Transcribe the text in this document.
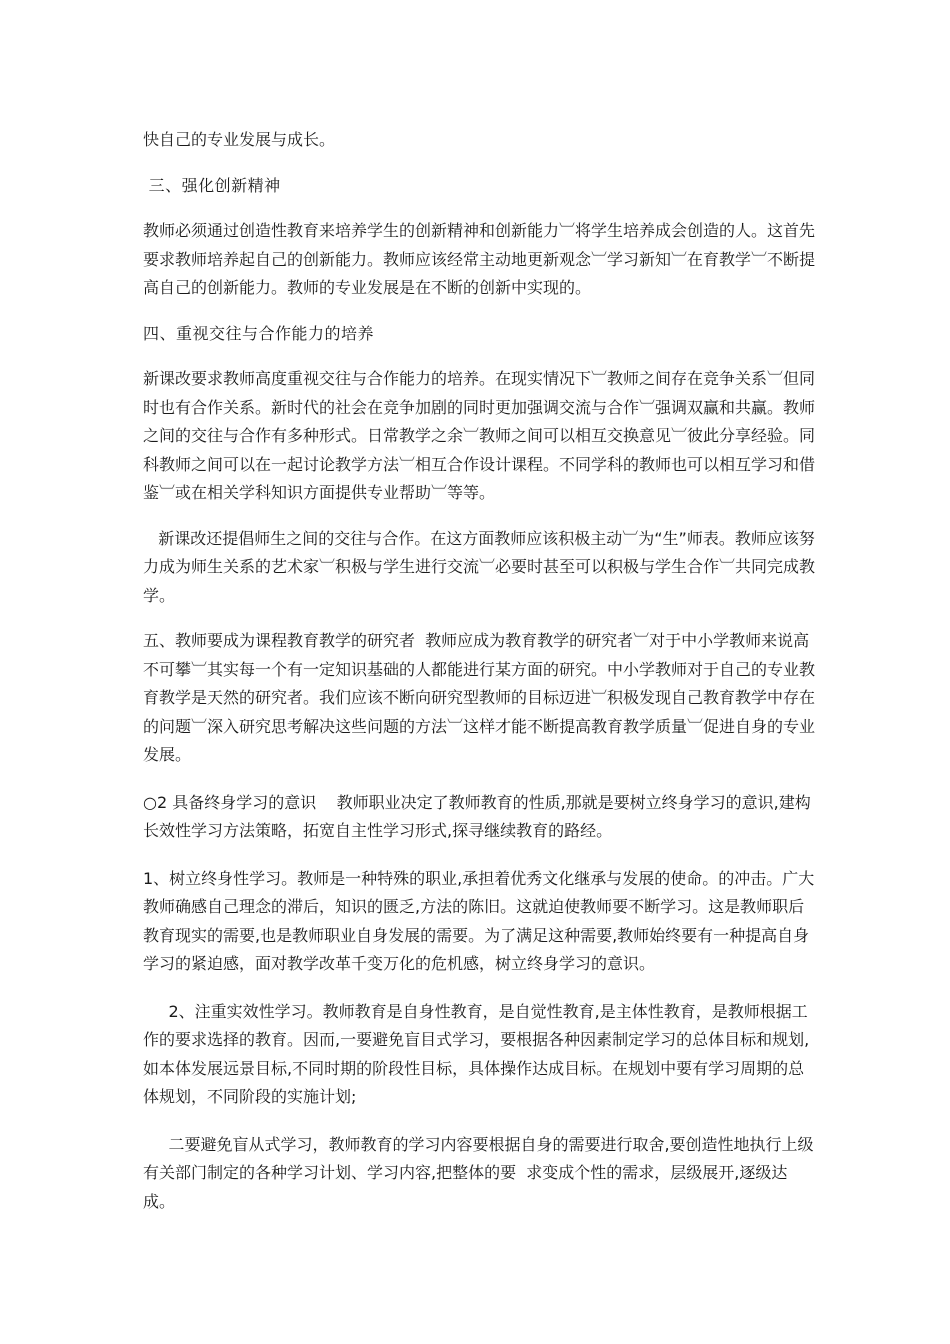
快自己的专业发展与成长。

三、强化创新精神

教师必须通过创造性教育来培养学生的创新精神和创新能力︺将学生培养成会创造的人。这首先要求教师培养起自己的创新能力。教师应该经常主动地更新观念︺学习新知︺在育教学︺不断提高自己的创新能力。教师的专业发展是在不断的创新中实现的。

四、重视交往与合作能力的培养

新课改要求教师高度重视交往与合作能力的培养。在现实情况下︺教师之间存在竞争关系︺但同时也有合作关系。新时代的社会在竞争加剧的同时更加强调交流与合作︺强调双赢和共赢。教师之间的交往与合作有多种形式。日常教学之余︺教师之间可以相互交换意见︺彼此分享经验。同科教师之间可以在一起讨论教学方法︺相互合作设计课程。不同学科的教师也可以相互学习和借鉴︺或在相关学科知识方面提供专业帮助︺等等。

新课改还提倡师生之间的交往与合作。在这方面教师应该积极主动︺为“生”师表。教师应该努力成为师生关系的艺术家︺积极与学生进行交流︺必要时甚至可以积极与学生合作︺共同完成教学。

五、教师要成为课程教育教学的研究者  教师应成为教育教学的研究者︺对于中小学教师来说高不可攀︺其实每一个有一定知识基础的人都能进行某方面的研究。中小学教师对于自己的专业教育教学是天然的研究者。我们应该不断向研究型教师的目标迈进︺积极发现自己教育教学中存在的问题︺深入研究思考解决这些问题的方法︺这样才能不断提高教育教学质量︺促进自身的专业发展。

○2 具备终身学习的意识    教师职业决定了教师教育的性质,那就是要树立终身学习的意识,建构长效性学习方法策略，拓宽自主性学习形式,探寻继续教育的路经。

1、树立终身性学习。教师是一种特殊的职业,承担着优秀文化继承与发展的使命。的冲击。广大教师确感自己理念的滞后，知识的匮乏,方法的陈旧。这就迫使教师要不断学习。这是教师职后教育现实的需要,也是教师职业自身发展的需要。为了满足这种需要,教师始终要有一种提高自身学习的紧迫感，面对教学改革千变万化的危机感，树立终身学习的意识。

2、注重实效性学习。教师教育是自身性教育，是自觉性教育,是主体性教育，是教师根据工作的要求选择的教育。因而,一要避免盲目式学习，要根据各种因素制定学习的总体目标和规划,如本体发展远景目标,不同时期的阶段性目标，具体操作达成目标。在规划中要有学习周期的总体规划，不同阶段的实施计划;

二要避免盲从式学习，教师教育的学习内容要根据自身的需要进行取舍,要创造性地执行上级有关部门制定的各种学习计划、学习内容,把整体的要  求变成个性的需求，层级展开,逐级达成。
